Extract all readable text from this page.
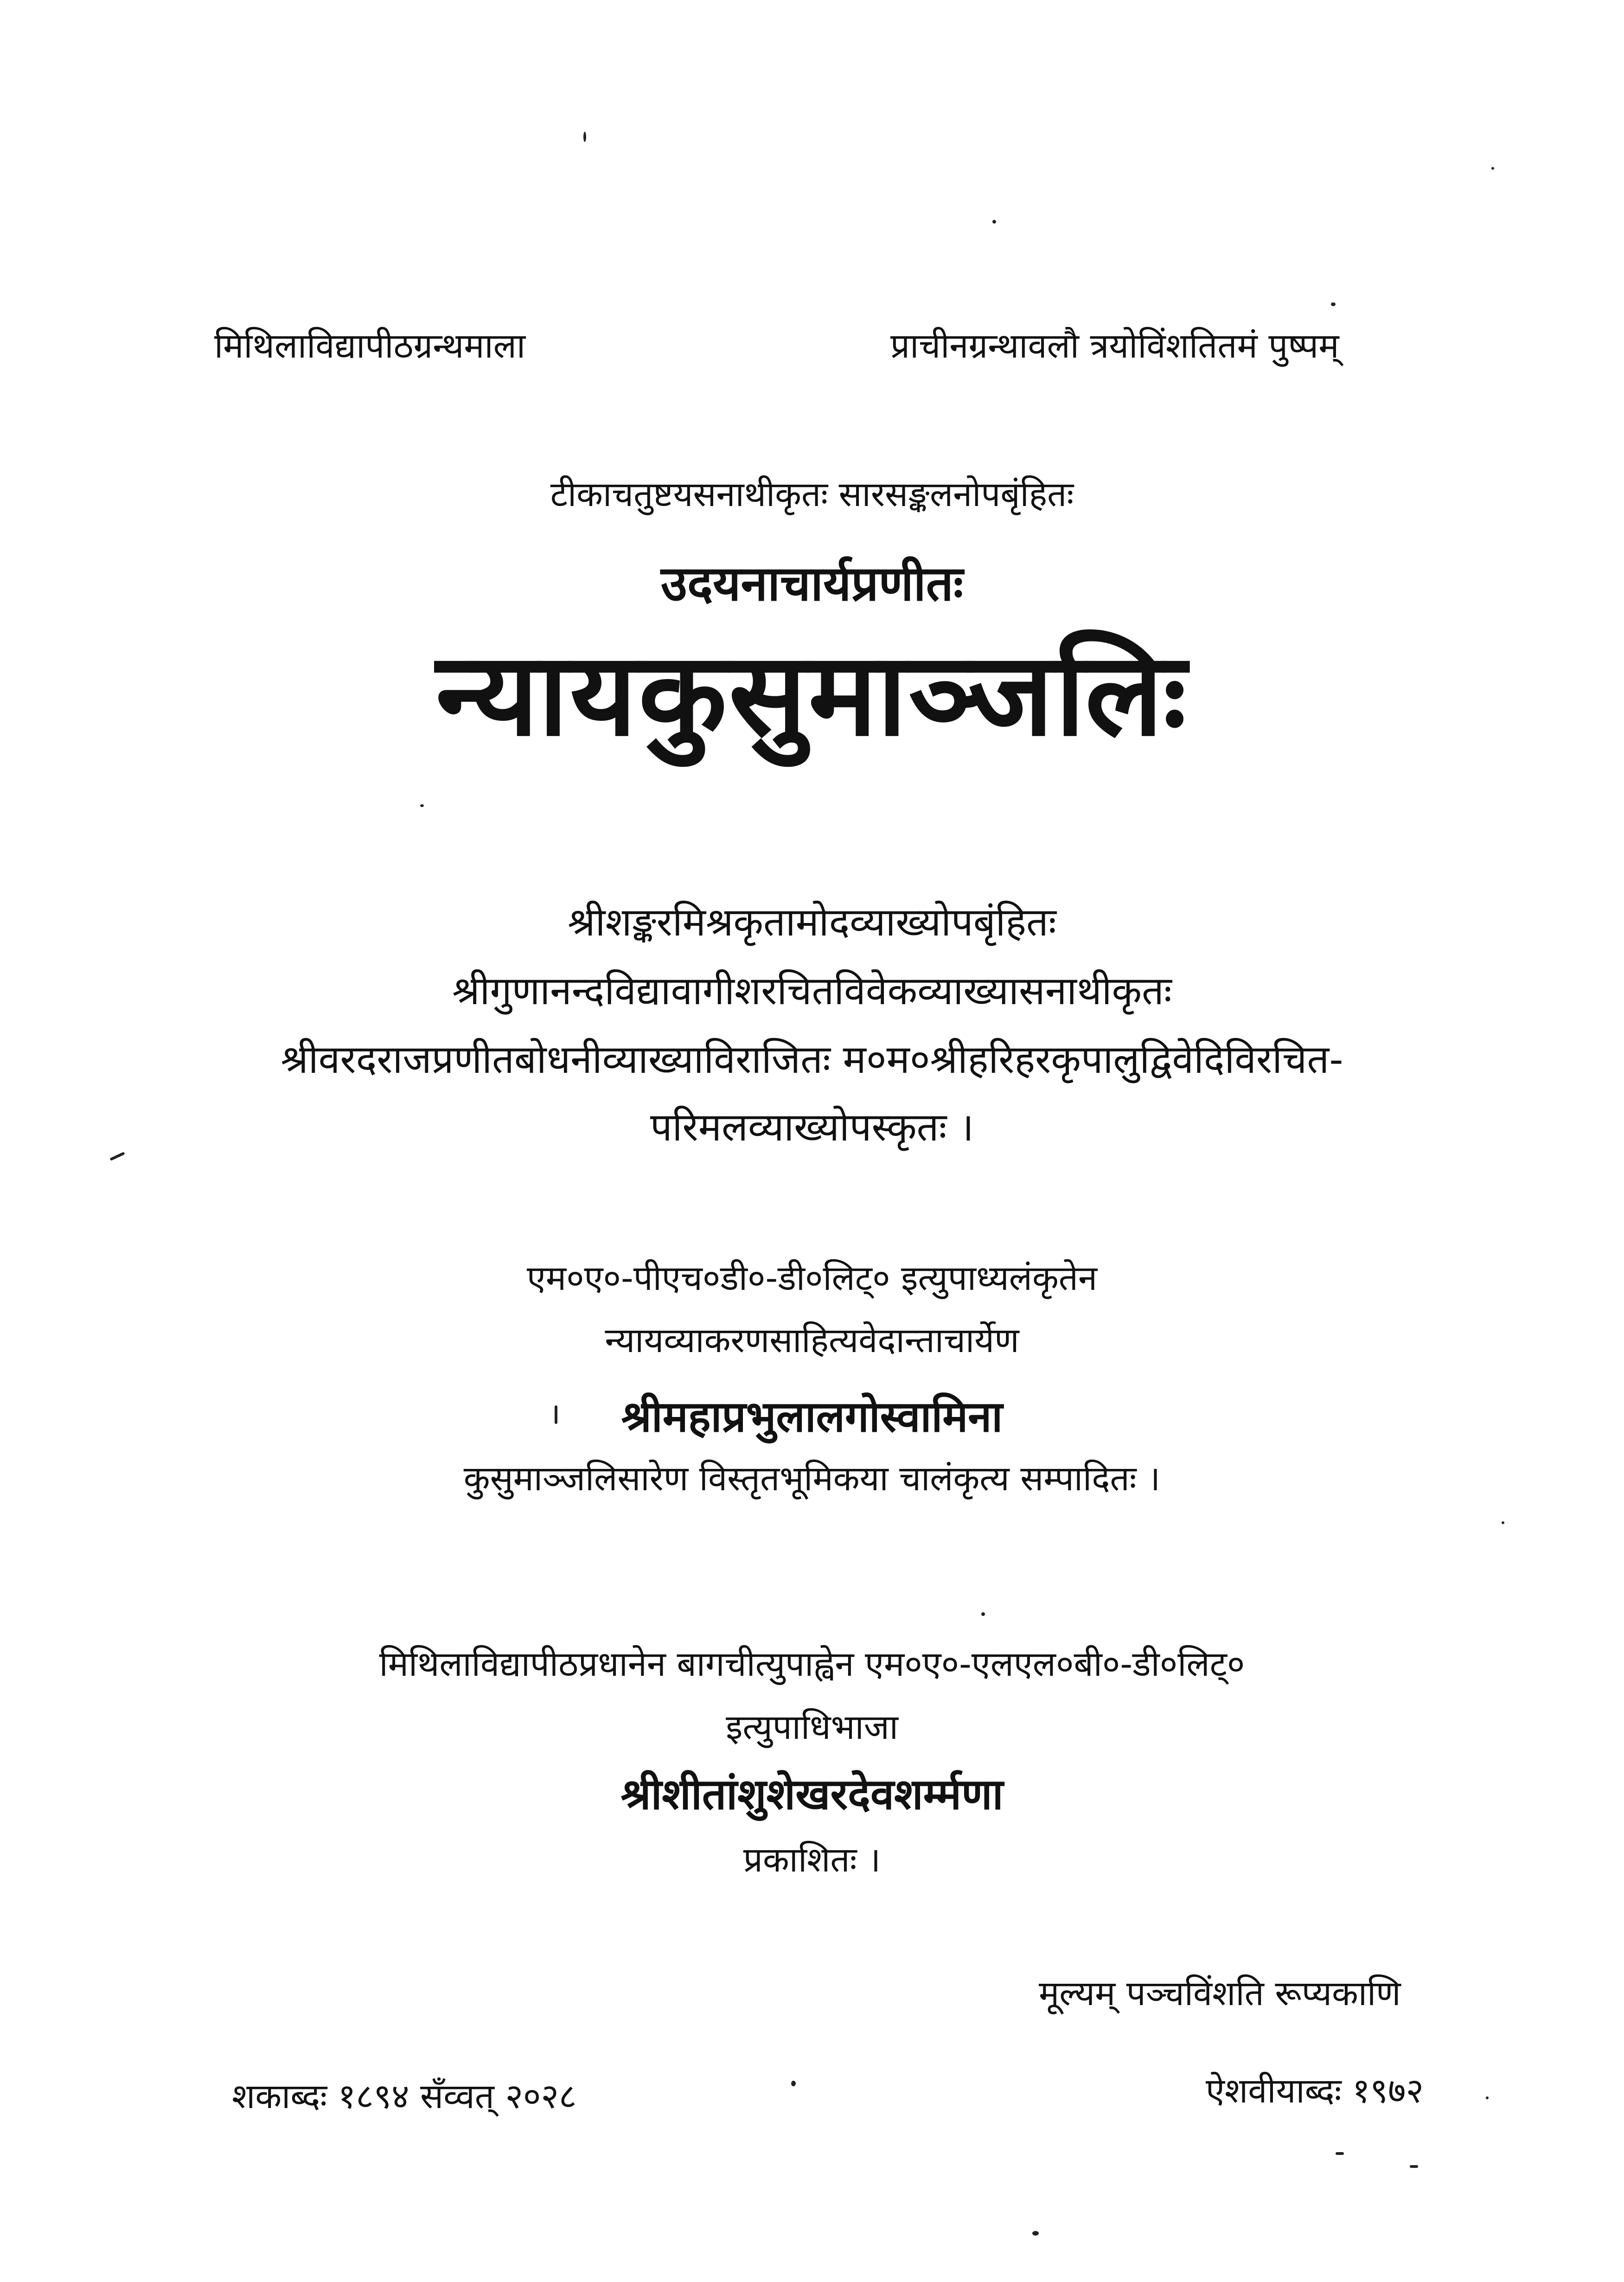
मिथिलाविद्यापीठग्रन्थमाला	प्राचीनग्रन्थावलौ त्रयोविंशतितमं पुष्पम्
टीकाचतुष्टयसनाथीकृतः सारसङ्कलनोपबृंहितः
उदयनाचार्यप्रणीतः
न्यायकुसुमाञ्जलिः
श्रीशङ्करमिश्रकृतामोदव्याख्योपबृंहितः
श्रीगुणानन्दविद्यावागीशरचितविवेकव्याख्यासनाथीकृतः
श्रीवरदराजप्रणीतबोधनीव्याख्याविराजितः म०म०श्रीहरिहरकृपालुद्विवेदिविरचित-
परिमलव्याख्योपस्कृतः ।
एम०ए०-पीएच०डी०-डी०लिट्० इत्युपाध्यलंकृतेन
न्यायव्याकरणसाहित्यवेदान्ताचार्येण
श्रीमहाप्रभुलालगोस्वामिना
कुसुमाञ्जलिसारेण विस्तृतभूमिकया चालंकृत्य सम्पादितः ।
मिथिलाविद्यापीठप्रधानेन बागचीत्युपाह्वेन एम०ए०-एलएल०बी०-डी०लिट्०
इत्युपाधिभाजा
श्रीशीतांशुशेखरदेवशर्म्मणा
प्रकाशितः ।
मूल्यम् पञ्चविंशति रूप्यकाणि
शकाब्दः १८९४ सँव्वत् २०२८	ऐशवीयाब्दः १९७२
